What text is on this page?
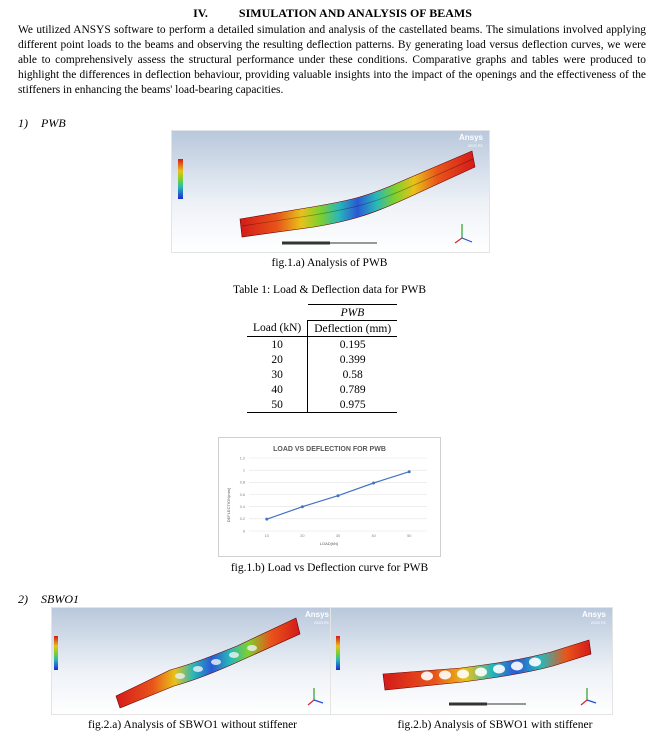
IV.	SIMULATION AND ANALYSIS OF BEAMS
We utilized ANSYS software to perform a detailed simulation and analysis of the castellated beams. The simulations involved applying different point loads to the beams and observing the resulting deflection patterns. By generating load versus deflection curves, we were able to comprehensively assess the structural performance under these conditions. Comparative graphs and tables were produced to highlight the differences in deflection behaviour, providing valuable insights into the impact of the openings and the effectiveness of the stiffeners in enhancing the beams' load-bearing capacities.
1) PWB
Ansys
2023 R1
fig.1.a) Analysis of PWB
Table 1: Load & Deflection data for PWB
	PWB
Load (kN)	Deflection (mm)
10	0.195
20	0.399
30	0.58
40	0.789
50	0.975
LOAD VS DEFLECTION FOR PWB
0
0.2
0.4
0.6
0.8
1
1.2
10	20	30	40	50
LOAD(kN)
DEFLECTION(mm)
fig.1.b) Load vs Deflection curve for PWB
2) SBWO1
Ansys
2023 R1
fig.2.a) Analysis of SBWO1 without stiffener
Ansys
2023 R1
fig.2.b) Analysis of SBWO1 with stiffener
